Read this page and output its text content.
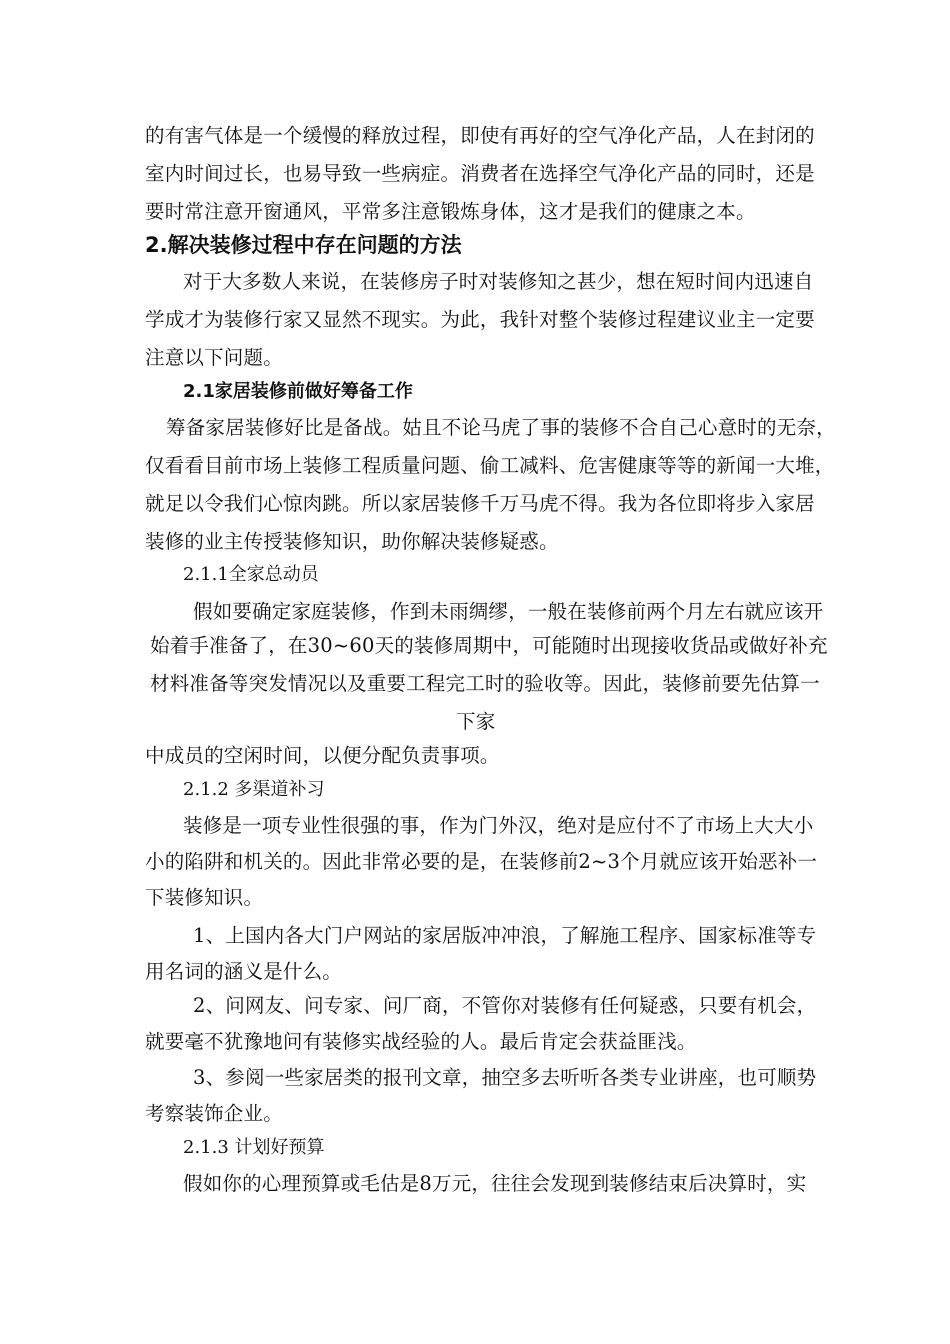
的有害气体是一个缓慢的释放过程，即使有再好的空气净化产品，人在封闭的
室内时间过长，也易导致一些病症。消费者在选择空气净化产品的同时，还是
要时常注意开窗通风，平常多注意锻炼身体，这才是我们的健康之本。
2.解决装修过程中存在问题的方法
对于大多数人来说，在装修房子时对装修知之甚少，想在短时间内迅速自
学成才为装修行家又显然不现实。为此，我针对整个装修过程建议业主一定要
注意以下问题。
2.1家居装修前做好筹备工作
筹备家居装修好比是备战。姑且不论马虎了事的装修不合自己心意时的无奈，
仅看看目前市场上装修工程质量问题、偷工减料、危害健康等等的新闻一大堆，
就足以令我们心惊肉跳。所以家居装修千万马虎不得。我为各位即将步入家居
装修的业主传授装修知识，助你解决装修疑惑。
2.1.1全家总动员
假如要确定家庭装修，作到未雨绸缪，一般在装修前两个月左右就应该开
始着手准备了，在30~60天的装修周期中，可能随时出现接收货品或做好补充
材料准备等突发情况以及重要工程完工时的验收等。因此，装修前要先估算一
下家
中成员的空闲时间，以便分配负责事项。
2.1.2 多渠道补习
装修是一项专业性很强的事，作为门外汉，绝对是应付不了市场上大大小
小的陷阱和机关的。因此非常必要的是，在装修前2~3个月就应该开始恶补一
下装修知识。
1、上国内各大门户网站的家居版冲冲浪，了解施工程序、国家标准等专
用名词的涵义是什么。
2、问网友、问专家、问厂商，不管你对装修有任何疑惑，只要有机会，
就要毫不犹豫地问有装修实战经验的人。最后肯定会获益匪浅。
3、参阅一些家居类的报刊文章，抽空多去听听各类专业讲座，也可顺势
考察装饰企业。
2.1.3 计划好预算
假如你的心理预算或毛估是8万元，往往会发现到装修结束后决算时，实
